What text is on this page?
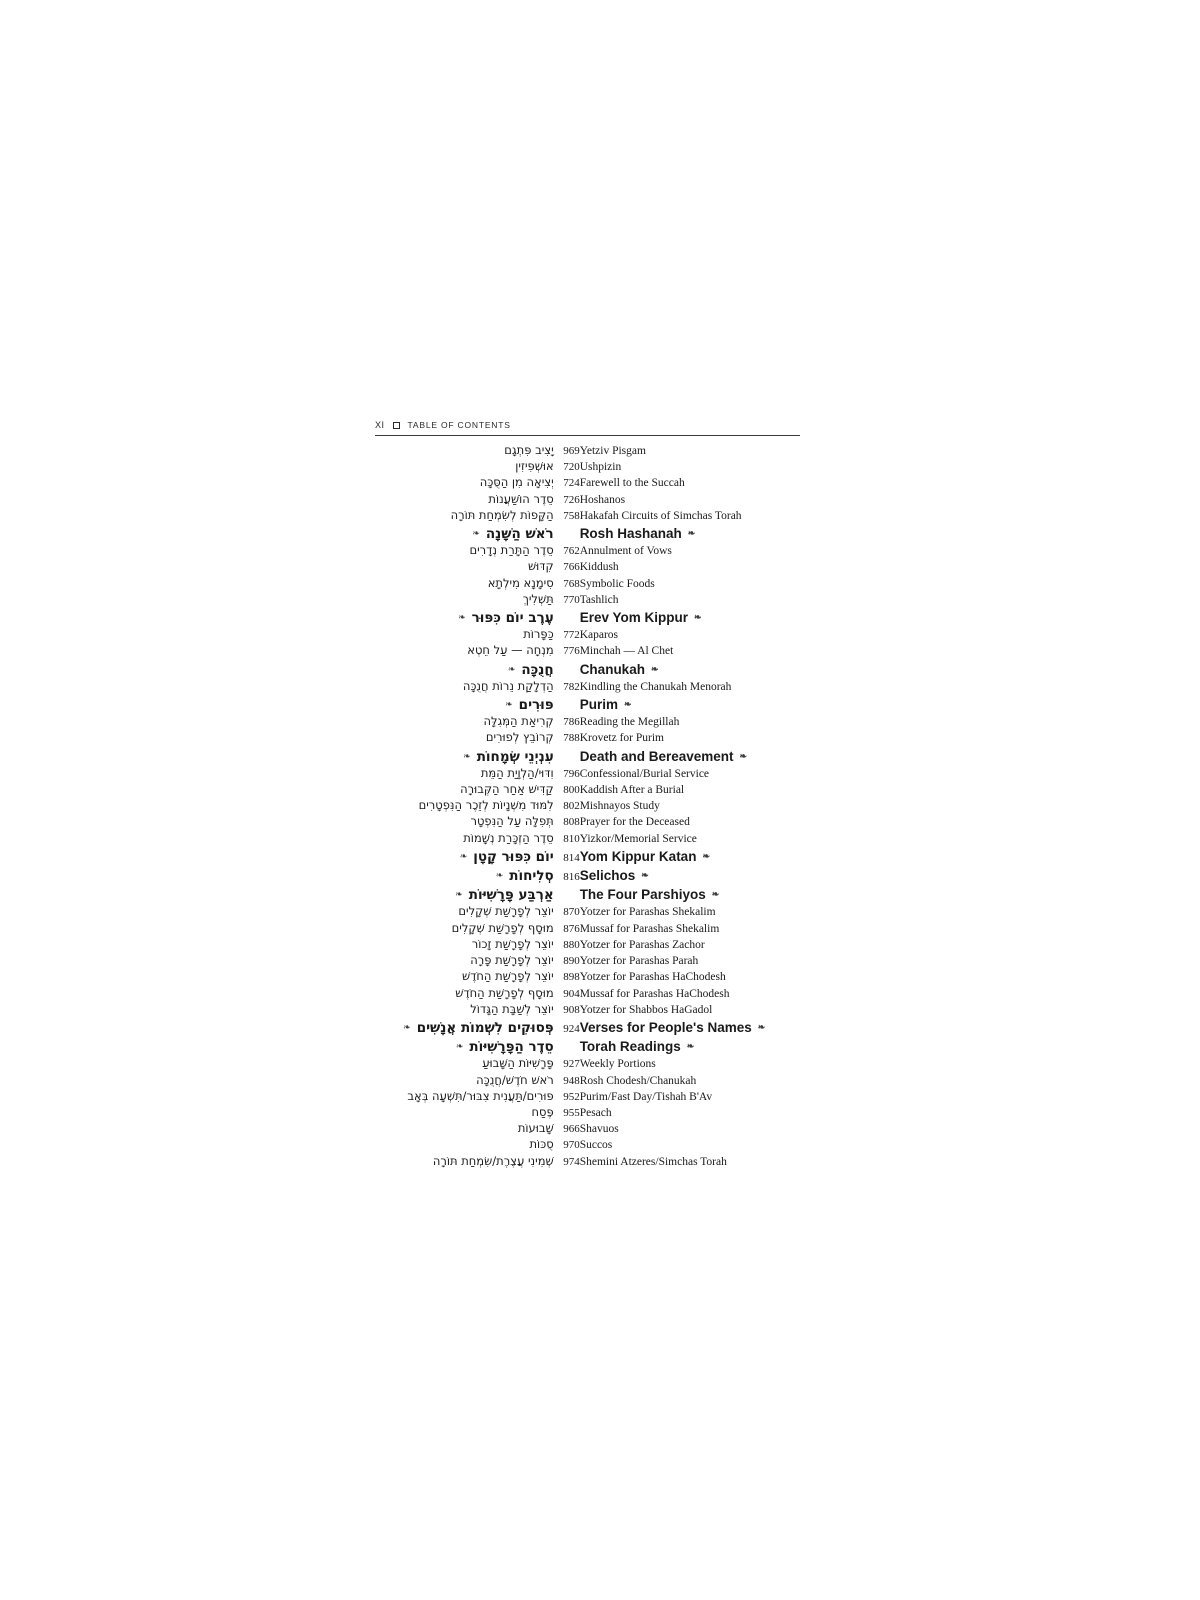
XI	TABLE OF CONTENTS
יָצִיב פִּתְגָם	969	Yetziv Pisgam
אוּשְׁפִּיזִין	720	Ushpizin
יְצִיאָה מִן הַסֻּכָּה	724	Farewell to the Succah
סֵדֶר הוֹשַׁעֲנוֹת	726	Hoshanos
הַקָּפוֹת לְשִׂמְחַת תּוֹרָה	758	Hakafah Circuits of Simchas Torah
רֹאשׁ הַשָּׁנָה❧		Rosh Hashanah ❧
סֵדֶר הַתָּרַת נְדָרִים	762	Annulment of Vows
קִדּוּשׁ	766	Kiddush
סִימָנָא מִילְתָא	768	Symbolic Foods
תַּשְׁלִיךְ	770	Tashlich
עֶרֶב יוֹם כִּפּוּר❧		Erev Yom Kippur ❧
כַּפָּרוֹת	772	Kaparos
מִנְחָה — עַל חֵטְא	776	Minchah — Al Chet
חֲנֻכָּה❧		Chanukah ❧
הַדְלָקַת נֵרוֹת חֲנֻכָּה	782	Kindling the Chanukah Menorah
פּוּרִים❧		Purim ❧
קְרִיאַת הַמְּגִלָּה	786	Reading the Megillah
קְרוֹבֵץ לְפוּרִים	788	Krovetz for Purim
עִנְיְנֵי שְׂמָחוֹת❧		Death and Bereavement ❧
וִדּוּי/הַלְוָיַת הַמֵּת	796	Confessional/Burial Service
קַדִּישׁ אַחַר הַקְּבוּרָה	800	Kaddish After a Burial
לִמּוּד מִשְׁנָיוֹת לְזֵכֶר הַנִּפְטָרִים	802	Mishnayos Study
תְּפִלָּה עַל הַנִּפְטָר	808	Prayer for the Deceased
סֵדֶר הַזְכָּרַת נְשָׁמוֹת	810	Yizkor/Memorial Service
יוֹם כִּפּוּר קָטָן❧	814	Yom Kippur Katan ❧
סְלִיחוֹת❧	816	Selichos ❧
אַרְבַּע פָּרָשִׁיּוֹת❧		The Four Parshiyos ❧
יוֹצֵר לְפָרָשַׁת שְׁקָלִים	870	Yotzer for Parashas Shekalim
מוּסָף לְפָרָשַׁת שְׁקָלִים	876	Mussaf for Parashas Shekalim
יוֹצֵר לְפָרָשַׁת זָכוֹר	880	Yotzer for Parashas Zachor
יוֹצֵר לְפָרָשַׁת פָּרָה	890	Yotzer for Parashas Parah
יוֹצֵר לְפָרָשַׁת הַחֹדֶשׁ	898	Yotzer for Parashas HaChodesh
מוּסָף לְפָרָשַׁת הַחֹדֶשׁ	904	Mussaf for Parashas HaChodesh
יוֹצֵר לְשַׁבָּת הַגָּדוֹל	908	Yotzer for Shabbos HaGadol
פְּסוּקִים לִשְׁמוֹת אֲנָשִׁים❧	924	Verses for People's Names ❧
סֵדֶר הַפָּרָשִׁיּוֹת❧		Torah Readings ❧
פָּרָשִׁיּוֹת הַשָּׁבוּעַ	927	Weekly Portions
רֹאשׁ חֹדֶשׁ/חֲנֻכָּה	948	Rosh Chodesh/Chanukah
פּוּרִים/תַּעֲנִית צִבּוּר/תִּשְׁעָה בְּאָב	952	Purim/Fast Day/Tishah B'Av
פֶּסַח	955	Pesach
שָׁבוּעוֹת	966	Shavuos
סֻכּוֹת	970	Succos
שְׁמִינִי עֲצֶרֶת/שִׂמְחַת תּוֹרָה	974	Shemini Atzeres/Simchas Torah
